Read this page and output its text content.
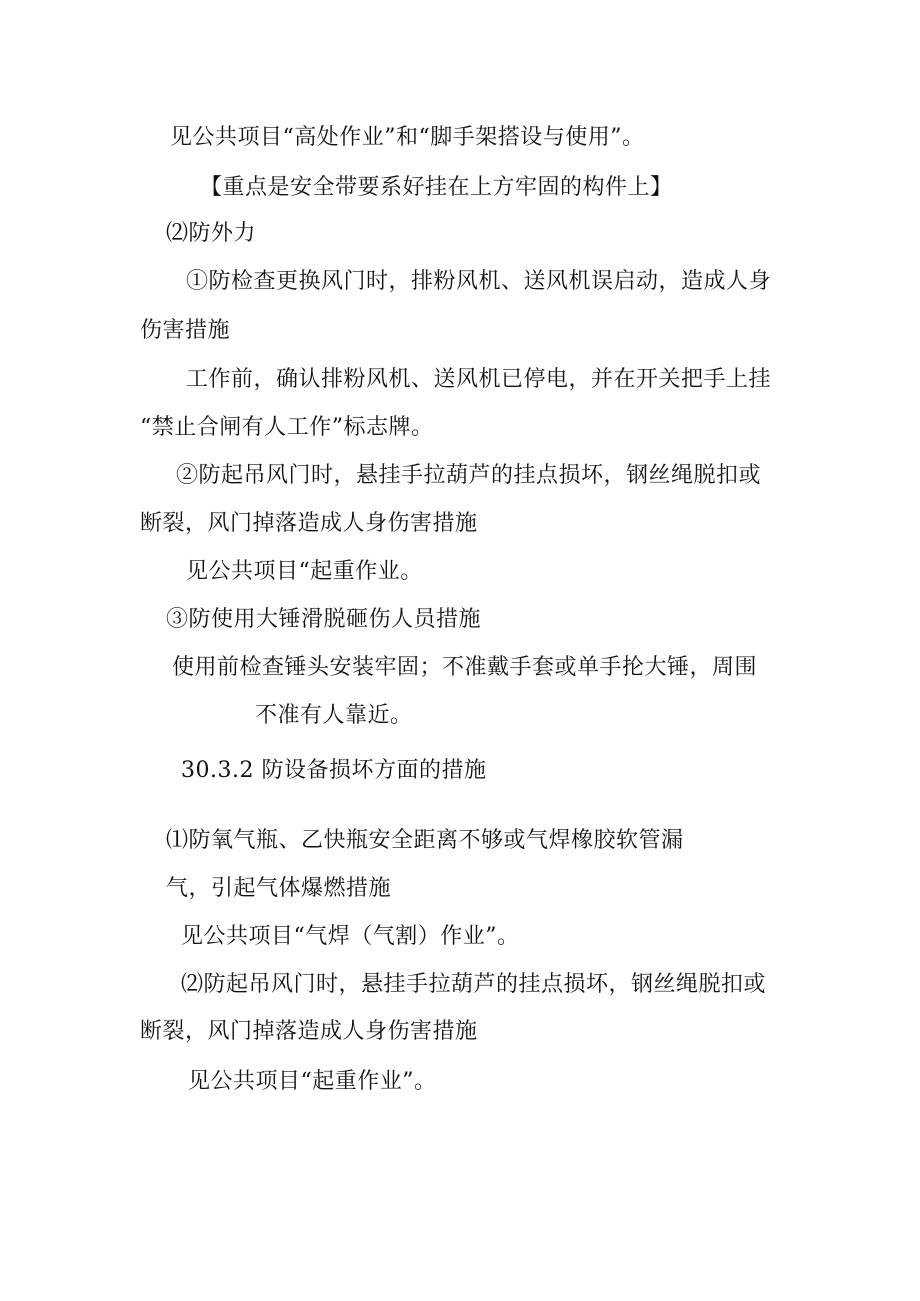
见公共项目“高处作业”和“脚手架搭设与使用”。
【重点是安全带要系好挂在上方牢固的构件上】
⑵防外力
①防检查更换风门时，排粉风机、送风机误启动，造成人身
伤害措施
工作前，确认排粉风机、送风机已停电，并在开关把手上挂
“禁止合闸有人工作”标志牌。
②防起吊风门时，悬挂手拉葫芦的挂点损坏，钢丝绳脱扣或
断裂，风门掉落造成人身伤害措施
见公共项目“起重作业。
③防使用大锤滑脱砸伤人员措施
使用前检查锤头安装牢固；不准戴手套或单手抡大锤，周围
不准有人靠近。
30.3.2 防设备损坏方面的措施
⑴防氧气瓶、乙快瓶安全距离不够或气焊橡胶软管漏
气，引起气体爆燃措施
见公共项目“气焊（气割）作业”。
⑵防起吊风门时，悬挂手拉葫芦的挂点损坏，钢丝绳脱扣或
断裂，风门掉落造成人身伤害措施
见公共项目“起重作业”。
